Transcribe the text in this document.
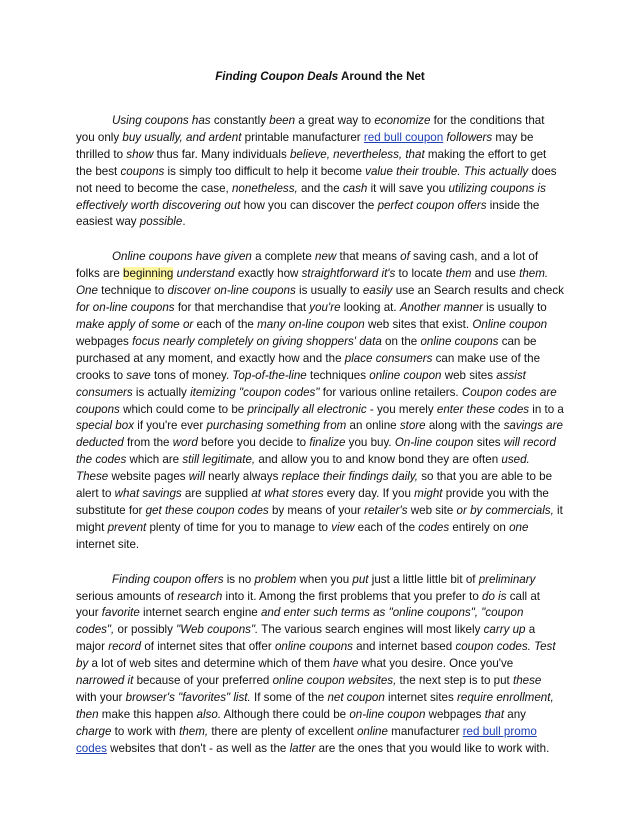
Finding Coupon Deals Around the Net

Using coupons has constantly been a great way to economize for the conditions that you only buy usually, and ardent printable manufacturer red bull coupon followers may be thrilled to show thus far. Many individuals believe, nevertheless, that making the effort to get the best coupons is simply too difficult to help it become value their trouble. This actually does not need to become the case, nonetheless, and the cash it will save you utilizing coupons is effectively worth discovering out how you can discover the perfect coupon offers inside the easiest way possible.

Online coupons have given a complete new that means of saving cash, and a lot of folks are beginning understand exactly how straightforward it's to locate them and use them. One technique to discover on-line coupons is usually to easily use an Search results and check for on-line coupons for that merchandise that you're looking at. Another manner is usually to make apply of some or each of the many on-line coupon web sites that exist. Online coupon webpages focus nearly completely on giving shoppers' data on the online coupons can be purchased at any moment, and exactly how and the place consumers can make use of the crooks to save tons of money. Top-of-the-line techniques online coupon web sites assist consumers is actually itemizing "coupon codes" for various online retailers. Coupon codes are coupons which could come to be principally all electronic - you merely enter these codes in to a special box if you're ever purchasing something from an online store along with the savings are deducted from the word before you decide to finalize you buy. On-line coupon sites will record the codes which are still legitimate, and allow you to and know bond they are often used. These website pages will nearly always replace their findings daily, so that you are able to be alert to what savings are supplied at what stores every day. If you might provide you with the substitute for get these coupon codes by means of your retailer's web site or by commercials, it might prevent plenty of time for you to manage to view each of the codes entirely on one internet site.

Finding coupon offers is no problem when you put just a little little bit of preliminary serious amounts of research into it. Among the first problems that you prefer to do is call at your favorite internet search engine and enter such terms as "online coupons", "coupon codes", or possibly "Web coupons". The various search engines will most likely carry up a major record of internet sites that offer online coupons and internet based coupon codes. Test by a lot of web sites and determine which of them have what you desire. Once you've narrowed it because of your preferred online coupon websites, the next step is to put these with your browser's "favorites" list. If some of the net coupon internet sites require enrollment, then make this happen also. Although there could be on-line coupon webpages that any charge to work with them, there are plenty of excellent online manufacturer red bull promo codes websites that don't - as well as the latter are the ones that you would like to work with.
